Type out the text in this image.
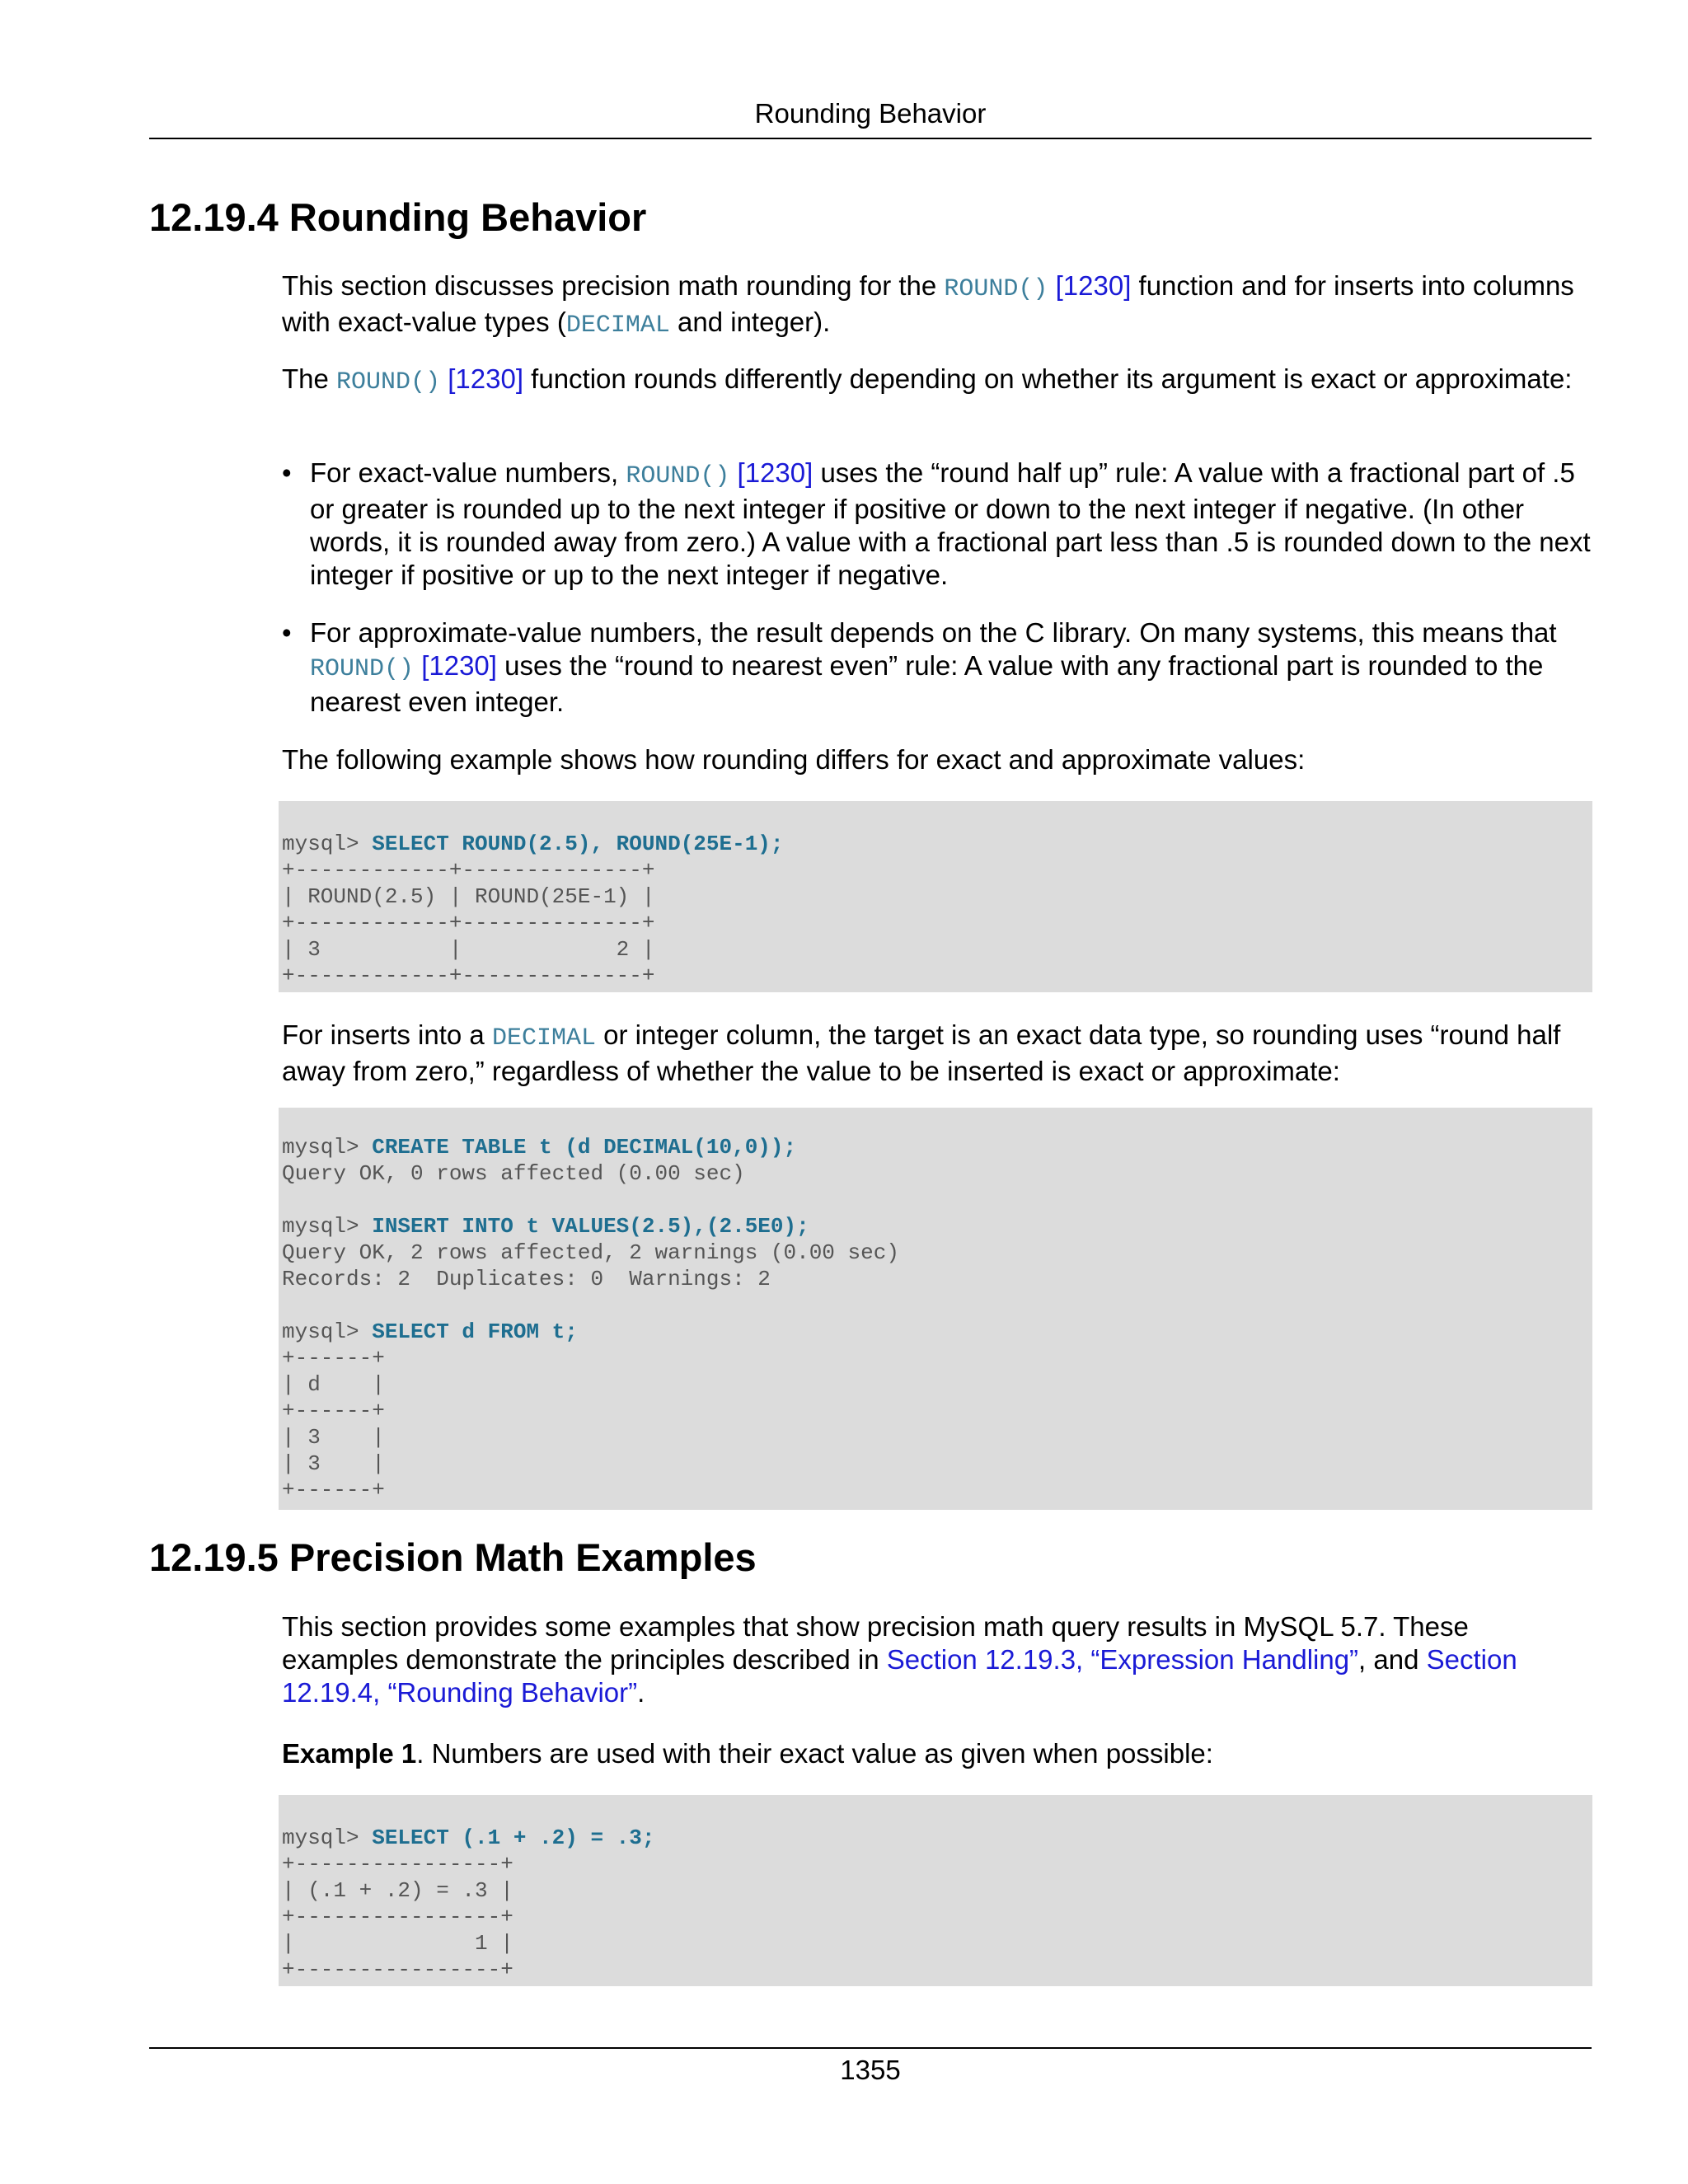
Rounding Behavior
12.19.4 Rounding Behavior

This section discusses precision math rounding for the ROUND() [1230] function and for inserts into columns with exact-value types (DECIMAL and integer).

The ROUND() [1230] function rounds differently depending on whether its argument is exact or approximate:

• For exact-value numbers, ROUND() [1230] uses the “round half up” rule: A value with a fractional part of .5 or greater is rounded up to the next integer if positive or down to the next integer if negative. (In other words, it is rounded away from zero.) A value with a fractional part less than .5 is rounded down to the next integer if positive or up to the next integer if negative.
• For approximate-value numbers, the result depends on the C library. On many systems, this means that ROUND() [1230] uses the “round to nearest even” rule: A value with any fractional part is rounded to the nearest even integer.

The following example shows how rounding differs for exact and approximate values:

mysql> SELECT ROUND(2.5), ROUND(25E-1);
+------------+--------------+
| ROUND(2.5) | ROUND(25E-1) |
+------------+--------------+
| 3          |            2 |
+------------+--------------+

For inserts into a DECIMAL or integer column, the target is an exact data type, so rounding uses “round half away from zero,” regardless of whether the value to be inserted is exact or approximate:

mysql> CREATE TABLE t (d DECIMAL(10,0));
Query OK, 0 rows affected (0.00 sec)

mysql> INSERT INTO t VALUES(2.5),(2.5E0);
Query OK, 2 rows affected, 2 warnings (0.00 sec)
Records: 2  Duplicates: 0  Warnings: 2

mysql> SELECT d FROM t;
+------+
| d    |
+------+
| 3    |
| 3    |
+------+
12.19.5 Precision Math Examples

This section provides some examples that show precision math query results in MySQL 5.7. These examples demonstrate the principles described in Section 12.19.3, “Expression Handling”, and Section 12.19.4, “Rounding Behavior”.

Example 1. Numbers are used with their exact value as given when possible:

mysql> SELECT (.1 + .2) = .3;
+----------------+
| (.1 + .2) = .3 |
+----------------+
|              1 |
+----------------+
1355
